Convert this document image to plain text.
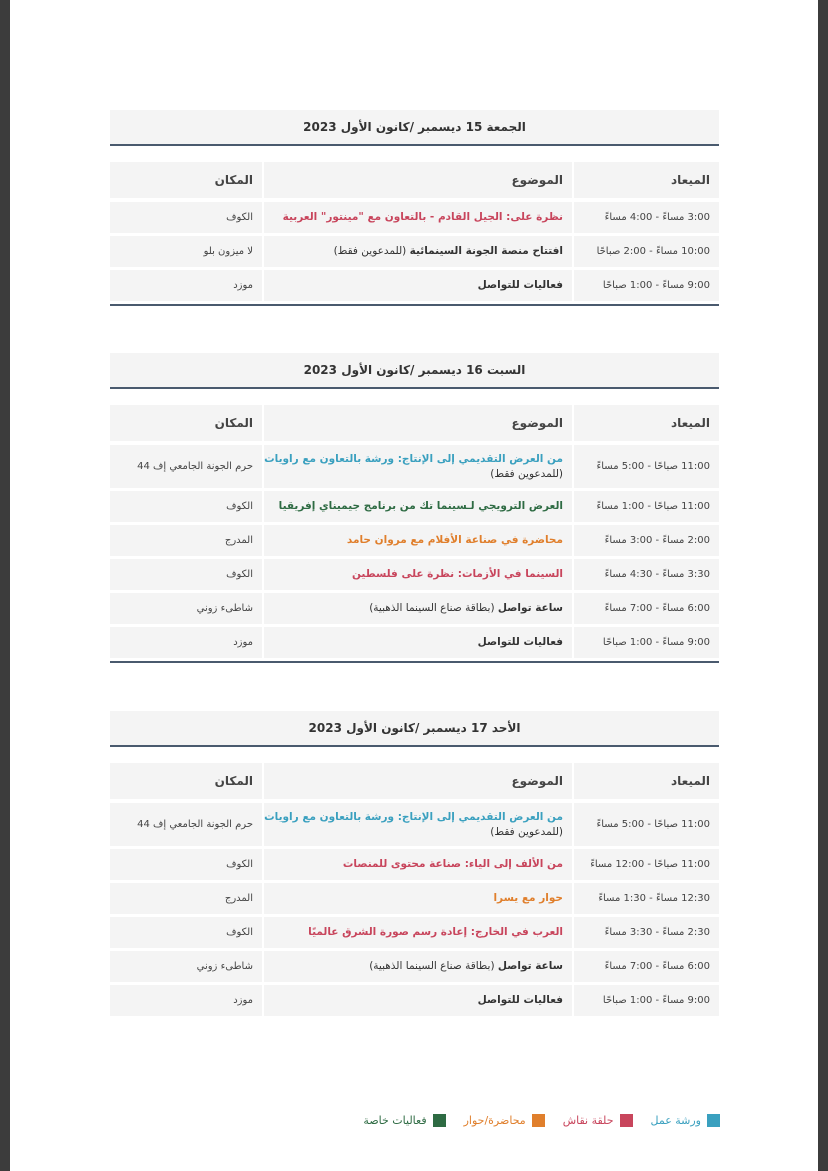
الجمعة 15 ديسمبر /كانون الأول 2023
الميعاد
الموضوع
المكان
3:00 مساءً - 4:00 مساءً
نظرة على: الجيل القادم - بالتعاون مع "مينتور" العربية
الكوف
10:00 مساءً - 2:00 صباحًا
افتتاح منصة الجونة السينمائية (للمدعوين فقط)
لا ميزون بلو
9:00 مساءً - 1:00 صباحًا
فعاليات للتواصل
موزد
السبت 16 ديسمبر /كانون الأول 2023
الميعاد
الموضوع
المكان
11:00 صباحًا - 5:00 مساءً
من العرض التقديمي إلى الإنتاج: ورشة بالتعاون مع راويات
(للمدعوين فقط)
حرم الجونة الجامعي إف 44
11:00 صباحًا - 1:00 مساءً
العرض الترويجي لـسينما تك من برنامج جيميناي إفريقيا
الكوف
2:00 مساءً - 3:00 مساءً
محاضرة في صناعة الأفلام مع مروان حامد
المدرج
3:30 مساءً - 4:30 مساءً
السينما في الأزمات: نظرة على فلسطين
الكوف
6:00 مساءً - 7:00 مساءً
ساعة تواصل (بطاقة صناع السينما الذهبية)
شاطىء زوني
9:00 مساءً - 1:00 صباحًا
فعاليات للتواصل
موزد
الأحد 17 ديسمبر /كانون الأول 2023
الميعاد
الموضوع
المكان
11:00 صباحًا - 5:00 مساءً
من العرض التقديمي إلى الإنتاج: ورشة بالتعاون مع راويات
(للمدعوين فقط)
حرم الجونة الجامعي إف 44
11:00 صباحًا - 12:00 مساءً
من الألف إلى الياء: صناعة محتوى للمنصات
الكوف
12:30 مساءً - 1:30 مساءً
حوار مع يسرا
المدرج
2:30 مساءً - 3:30 مساءً
العرب في الخارج: إعادة رسم صورة الشرق عالميًا
الكوف
6:00 مساءً - 7:00 مساءً
ساعة تواصل (بطاقة صناع السينما الذهبية)
شاطىء زوني
9:00 مساءً - 1:00 صباحًا
فعاليات للتواصل
موزد
ورشة عمل
حلقة نقاش
محاضرة/حوار
فعاليات خاصة
